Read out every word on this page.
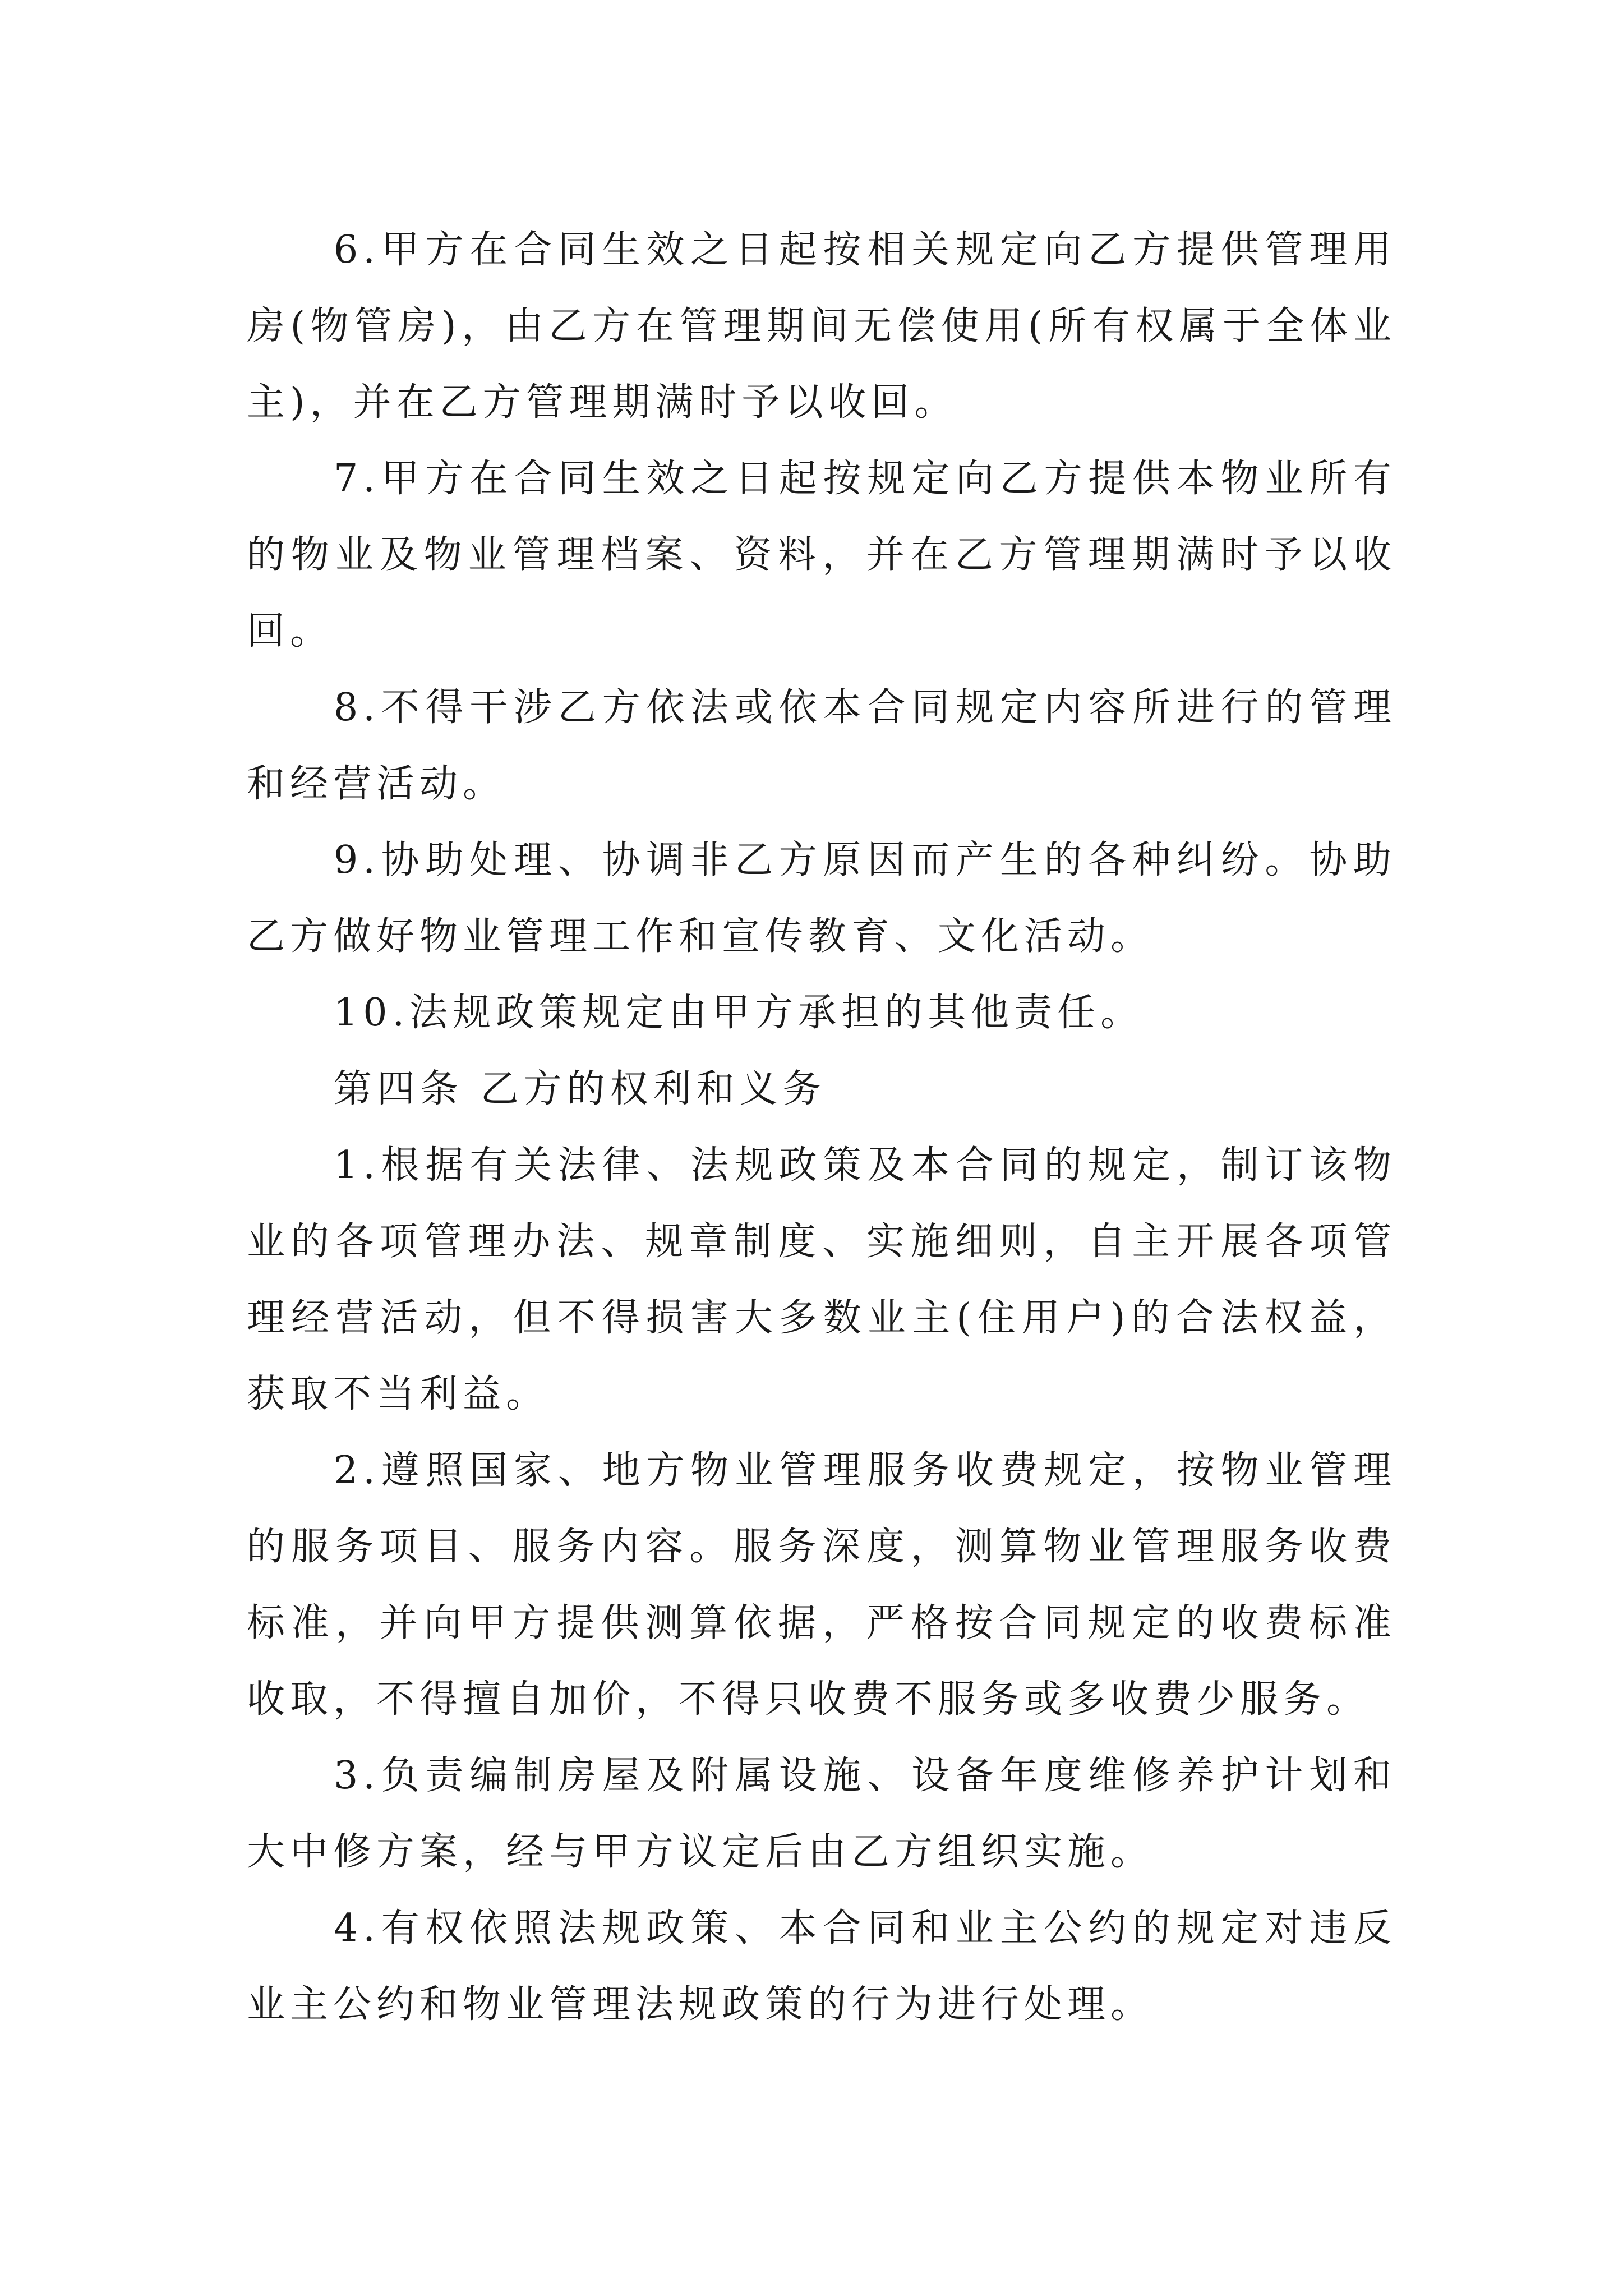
6.甲方在合同生效之日起按相关规定向乙方提供管理用房(物管房)，由乙方在管理期间无偿使用(所有权属于全体业主)，并在乙方管理期满时予以收回。

7.甲方在合同生效之日起按规定向乙方提供本物业所有的物业及物业管理档案、资料，并在乙方管理期满时予以收回。

8.不得干涉乙方依法或依本合同规定内容所进行的管理和经营活动。

9.协助处理、协调非乙方原因而产生的各种纠纷。协助乙方做好物业管理工作和宣传教育、文化活动。

10.法规政策规定由甲方承担的其他责任。

第四条 乙方的权利和义务

1.根据有关法律、法规政策及本合同的规定，制订该物业的各项管理办法、规章制度、实施细则，自主开展各项管理经营活动，但不得损害大多数业主(住用户)的合法权益，获取不当利益。

2.遵照国家、地方物业管理服务收费规定，按物业管理的服务项目、服务内容。服务深度，测算物业管理服务收费标准，并向甲方提供测算依据，严格按合同规定的收费标准收取，不得擅自加价，不得只收费不服务或多收费少服务。

3.负责编制房屋及附属设施、设备年度维修养护计划和大中修方案，经与甲方议定后由乙方组织实施。

4.有权依照法规政策、本合同和业主公约的规定对违反业主公约和物业管理法规政策的行为进行处理。
